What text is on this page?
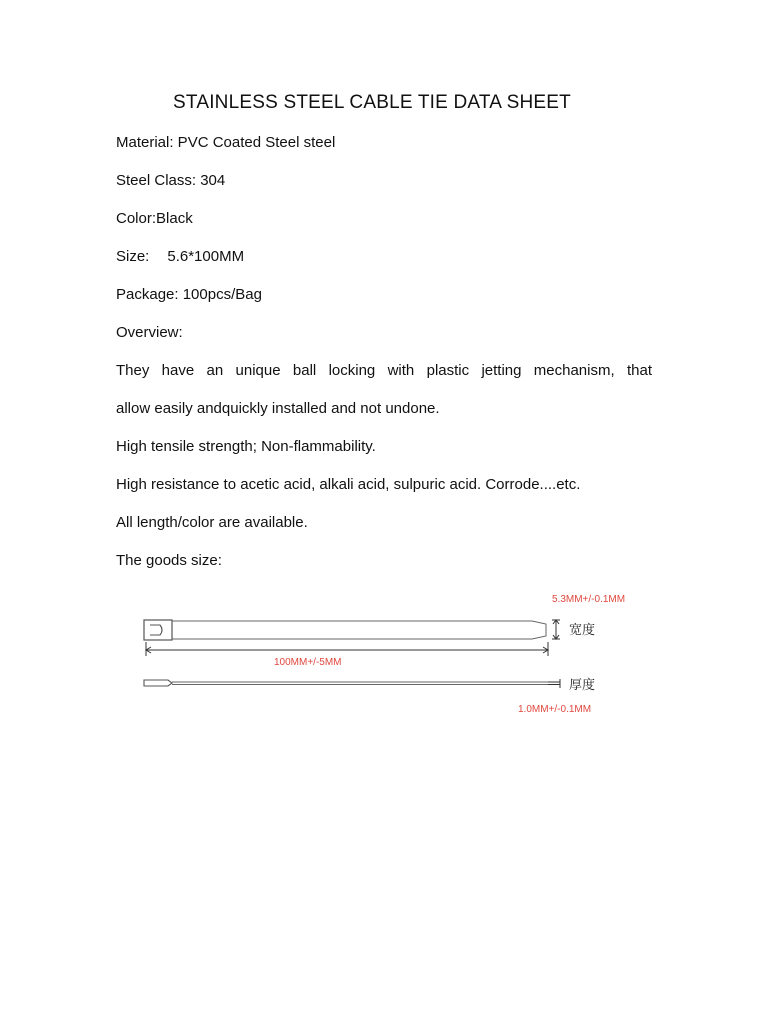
STAINLESS STEEL CABLE TIE DATA SHEET
Material: PVC Coated Steel steel
Steel Class: 304
Color:Black
Size: 5.6*100MM
Package: 100pcs/Bag
Overview:
They have an unique ball locking with plastic jetting mechanism, that
allow easily andquickly installed and not undone.
High tensile strength; Non-flammability.
High resistance to acetic acid, alkali acid, sulpuric acid. Corrode....etc.
All length/color are available.
The goods size:
5.3MM+/-0.1MM
宽度
100MM+/-5MM
厚度
1.0MM+/-0.1MM
